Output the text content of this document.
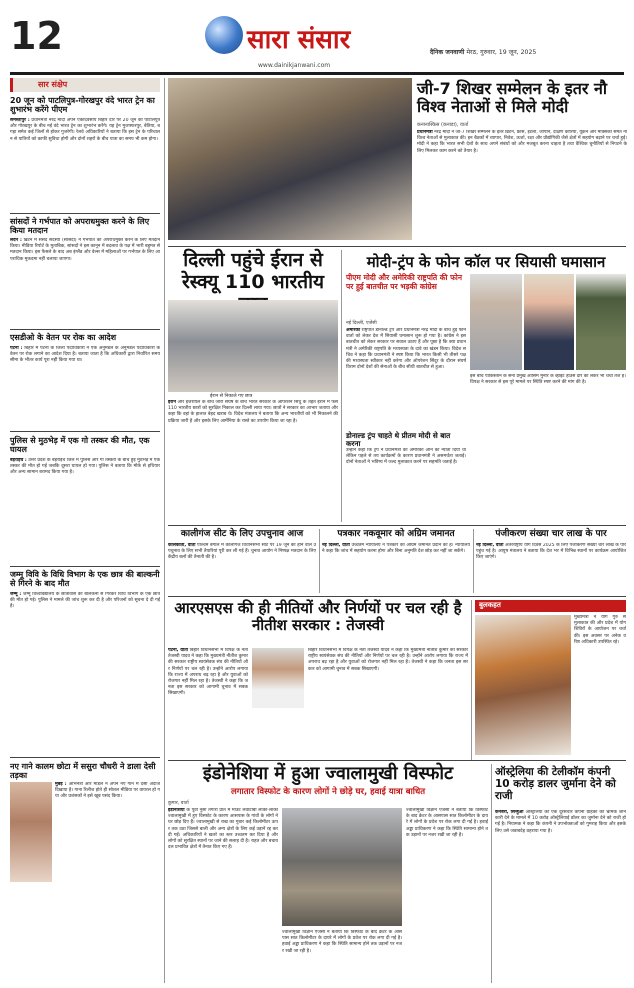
12	सारा संसार
www.dainikjanwani.com
दैनिक जनवाणी मेरठ, गुरुवार, 19 जून, 2025
सार संक्षेप
20 जून को पाटलिपुत्र-गोरखपुर वंदे भारत ट्रेन का शुभारंभ करेंगे पीएम
समस्तीपुर : प्रधानमंत्री नरेंद्र मोदी अपने एकदिवसीय बिहार दौरे पर 20 जून को पाटलिपुत्र और गोरखपुर के बीच नई वंदे भारत ट्रेन का शुभारंभ करेंगे। यह ट्रेन मुजफ्फरपुर, बेतिया, बगहा समेत कई जिलों से होकर गुजरेगी। रेलवे अधिकारियों ने बताया कि इस ट्रेन के परिचालन से यात्रियों को काफी सुविधा होगी और दोनों शहरों के बीच यात्रा का समय भी कम होगा।
सांसदों ने गर्भपात को अपराधमुक्त करने के लिए किया मतदान
लंदन : ब्रिटेन में संसद सदस्यों (सांसदों) ने गर्भपात को अपराधमुक्त करने के लिए मतदान किया। मीडिया रिपोर्ट के मुताबिक, सांसदों ने इस कानून में बदलाव के पक्ष में भारी बहुमत से मतदान किया। इस फैसले के बाद अब इंग्लैंड और वेल्स में महिलाओं पर गर्भपात के लिए आपराधिक मुकदमा नहीं चलाया जाएगा।
एसडीओ के वेतन पर रोक का आदेश
पटना : बिहार में पटना के जिला पदाधिकारी ने एक अनुमंडल के अनुमंडल पदाधिकारी के वेतन पर रोक लगाने का आदेश दिया है। बताया जाता है कि अधिकारी द्वारा निर्धारित समय सीमा के भीतर कार्य पूरा नहीं किया गया था।
पुलिस से मुठभेड़ में एक गो तस्कर की मौत, एक घायल
बहराइच : उत्तर प्रदेश के बहराइच जिले में पुलिस और गो तस्करों के बीच हुई मुठभेड़ में एक तस्कर की मौत हो गई जबकि दूसरा घायल हो गया। पुलिस ने बताया कि मौके से हथियार और अन्य सामान बरामद किया गया है।
जम्मू विवि के विधि विभाग के एक छात्र की बाल्कनी से गिरने के बाद मौत
जम्मू : जम्मू विश्वविद्यालय के छात्रावास की बालकनी से गिरकर विधि विभाग के एक छात्र की मौत हो गई। पुलिस ने मामले की जांच शुरू कर दी है और परिजनों को सूचना दे दी गई है।
नए गाने कालम छोटा में ससुरा चौधरी ने डाला देसी तड़का
मुंबई : अभिनेत्री और मॉडल ने अपने नए गाने में देसी अंदाज दिखाया है। गाना रिलीज होते ही सोशल मीडिया पर वायरल हो गया और प्रशंसकों ने इसे खूब पसंद किया।
जी-7 शिखर सम्मेलन के इतर नौ विश्व नेताओं से मिले मोदी
कनानास्किस (कनाडा), वार्ता
प्रधानमंत्री नरेंद्र मोदी ने जी-7 शिखर सम्मेलन के इतर ब्रिटेन, फ्रांस, इटली, जापान, दक्षिण कोरिया, यूक्रेन और मैक्सिको समेत नौ विश्व नेताओं से मुलाकात की। इन बैठकों में व्यापार, निवेश, ऊर्जा, रक्षा और प्रौद्योगिकी जैसे क्षेत्रों में सहयोग बढ़ाने पर चर्चा हुई। मोदी ने कहा कि भारत सभी देशों के साथ अपने संबंधों को और मजबूत करना चाहता है तथा वैश्विक चुनौतियों से निपटने के लिए मिलकर काम करने को तैयार है।
दिल्ली पहुंचे ईरान से रेस्क्यू 110 भारतीय
ईरान से निकाले गए छात्र
ईरान और इजरायल के बीच जारी संघर्ष के बीच भारत सरकार के ऑपरेशन सिंधु के तहत ईरान में फंसे 110 भारतीय छात्रों को सुरक्षित निकाल कर दिल्ली लाया गया। छात्रों ने सरकार का आभार जताया और कहा कि वहां के हालात बेहद खराब थे। विदेश मंत्रालय ने बताया कि अन्य भारतीयों को भी निकालने की प्रक्रिया जारी है और इसके लिए आर्मेनिया के रास्ते का उपयोग किया जा रहा है।
मोदी-ट्रंप के फोन कॉल पर सियासी घमासान
पीएम मोदी और अमेरिकी राष्ट्रपति की फोन पर हुई बातचीत पर भड़की कांग्रेस
नई दिल्ली, एजेंसी
अमेरिकी राष्ट्रपति डोनाल्ड ट्रंप और प्रधानमंत्री नरेंद्र मोदी के बीच हुई फोन वार्ता को लेकर देश में सियासी घमासान शुरू हो गया है। कांग्रेस ने इस बातचीत को लेकर सरकार पर सवाल उठाए हैं और पूछा है कि क्या प्रधानमंत्री ने अमेरिकी राष्ट्रपति के मध्यस्थता के दावे का खंडन किया। विदेश सचिव ने कहा कि प्रधानमंत्री ने स्पष्ट किया कि भारत किसी भी तीसरे पक्ष की मध्यस्थता स्वीकार नहीं करेगा और ऑपरेशन सिंदूर के दौरान संघर्ष विराम दोनों देशों की सेनाओं के बीच सीधी बातचीत से हुआ।
डोनाल्ड ट्रंप चाहते थे प्रीतम मोदी से बात करना
उन्होंने कहा कि ट्रंप ने प्रधानमंत्री को अमेरिका आने का न्योता दिया था लेकिन पहले से तय कार्यक्रमों के कारण प्रधानमंत्री ने असमर्थता जताई। दोनों नेताओं ने भविष्य में जल्द मुलाकात करने पर सहमति जताई है।
इस बीच पाकिस्तान के सेना प्रमुख आसिम मुनीर के व्हाइट हाउस दौरे को लेकर भी चर्चा तेज है। विपक्ष ने सरकार से इस पूरे मामले पर स्थिति स्पष्ट करने की मांग की है।
कालीगंज सीट के लिए उपचुनाव आज
कोलकाता, वार्ता पश्चिम बंगाल में कालीगंज विधानसभा सीट पर 19 जून को होने वाले उपचुनाव के लिए सभी तैयारियां पूरी कर ली गई हैं। चुनाव आयोग ने निष्पक्ष मतदान के लिए केंद्रीय बलों की तैनाती की है।
पत्रकार नकवूमार को अग्रिम जमानत
नई दिल्ली, वार्ता उच्चतम न्यायालय ने पत्रकार को अग्रिम जमानत प्रदान की है। न्यायालय ने कहा कि जांच में सहयोग करना होगा और बिना अनुमति देश छोड़ कर नहीं जा सकेंगे।
पंजीकरण संख्या चार लाख के पार
नई दिल्ली, वार्ता अंतरराष्ट्रीय योग दिवस 2025 के लिए पंजीकरण संख्या चार लाख के पार पहुंच गई है। आयुष मंत्रालय ने बताया कि देश भर में विभिन्न स्थानों पर कार्यक्रम आयोजित किए जाएंगे।
आरएसएस की ही नीतियों और निर्णयों पर चल रही है नीतीश सरकार : तेजस्वी
पटना, वार्ता बिहार विधानसभा में विपक्ष के नेता तेजस्वी यादव ने कहा कि मुख्यमंत्री नीतीश कुमार की सरकार राष्ट्रीय स्वयंसेवक संघ की नीतियों और निर्णयों पर चल रही है। उन्होंने आरोप लगाया कि राज्य में अपराध बढ़ रहा है और युवाओं को रोजगार नहीं मिल रहा है। तेजस्वी ने कहा कि जनता इस सरकार को आगामी चुनाव में सबक सिखाएगी।
बिहार विधानसभा में विपक्ष के नेता तेजस्वी यादव ने कहा कि मुख्यमंत्री नीतीश कुमार की सरकार राष्ट्रीय स्वयंसेवक संघ की नीतियों और निर्णयों पर चल रही है। उन्होंने आरोप लगाया कि राज्य में अपराध बढ़ रहा है और युवाओं को रोजगार नहीं मिल रहा है। तेजस्वी ने कहा कि जनता इस सरकार को आगामी चुनाव में सबक सिखाएगी।
बुलकहत
मुख्यमंत्री ने योग गुरु से मुलाकात की और प्रदेश में योग शिविरों के आयोजन पर चर्चा की। इस अवसर पर अनेक वरिष्ठ अधिकारी उपस्थित रहे।
इंडोनेशिया में हुआ ज्वालामुखी विस्फोट
लगातार विस्फोट के कारण लोगों ने छोड़े घर, हवाई यात्रा बाधित
कुमार, वार्ता
इंडोनेशिया के पूर्वी नुसा तेंगारा प्रांत में माउंट लेवोटोबी लाकी-लाकी ज्वालामुखी में हुए विस्फोट के कारण आसपास के गांवों के लोगों ने घर छोड़ दिए हैं। ज्वालामुखी से राख का गुबार कई किलोमीटर ऊपर तक उठा जिससे बाली और अन्य क्षेत्रों के लिए कई उड़ानें रद्द कर दी गईं। अधिकारियों ने खतरे का स्तर उच्चतम कर दिया है और लोगों को सुरक्षित स्थानों पर जाने की सलाह दी है। राहत और बचाव दल प्रभावित क्षेत्रों में तैनात किए गए हैं।
ज्वालामुखी विज्ञान एजेंसी ने बताया कि विस्फोट के बाद क्रेटर के आसपास सात किलोमीटर के दायरे में लोगों के प्रवेश पर रोक लगा दी गई है। हवाई अड्डा प्राधिकरण ने कहा कि स्थिति सामान्य होने तक उड़ानों पर नजर रखी जा रही है।
ज्वालामुखी विज्ञान एजेंसी ने बताया कि विस्फोट के बाद क्रेटर के आसपास सात किलोमीटर के दायरे में लोगों के प्रवेश पर रोक लगा दी गई है। हवाई अड्डा प्राधिकरण ने कहा कि स्थिति सामान्य होने तक उड़ानों पर नजर रखी जा रही है।
ऑस्ट्रेलिया की टेलीकॉम कंपनी 10 करोड़ डालर जुर्माना देने को राजी
कैनबरा, सिन्हुआ ऑस्ट्रेलिया की एक दूरसंचार कंपनी ग्राहकों को भ्रामक जानकारी देने के मामले में 10 करोड़ ऑस्ट्रेलियाई डॉलर का जुर्माना देने को राजी हो गई है। नियामक ने कहा कि कंपनी ने उपभोक्ताओं को गुमराह किया और इसके लिए उसे जवाबदेह ठहराया गया है।
